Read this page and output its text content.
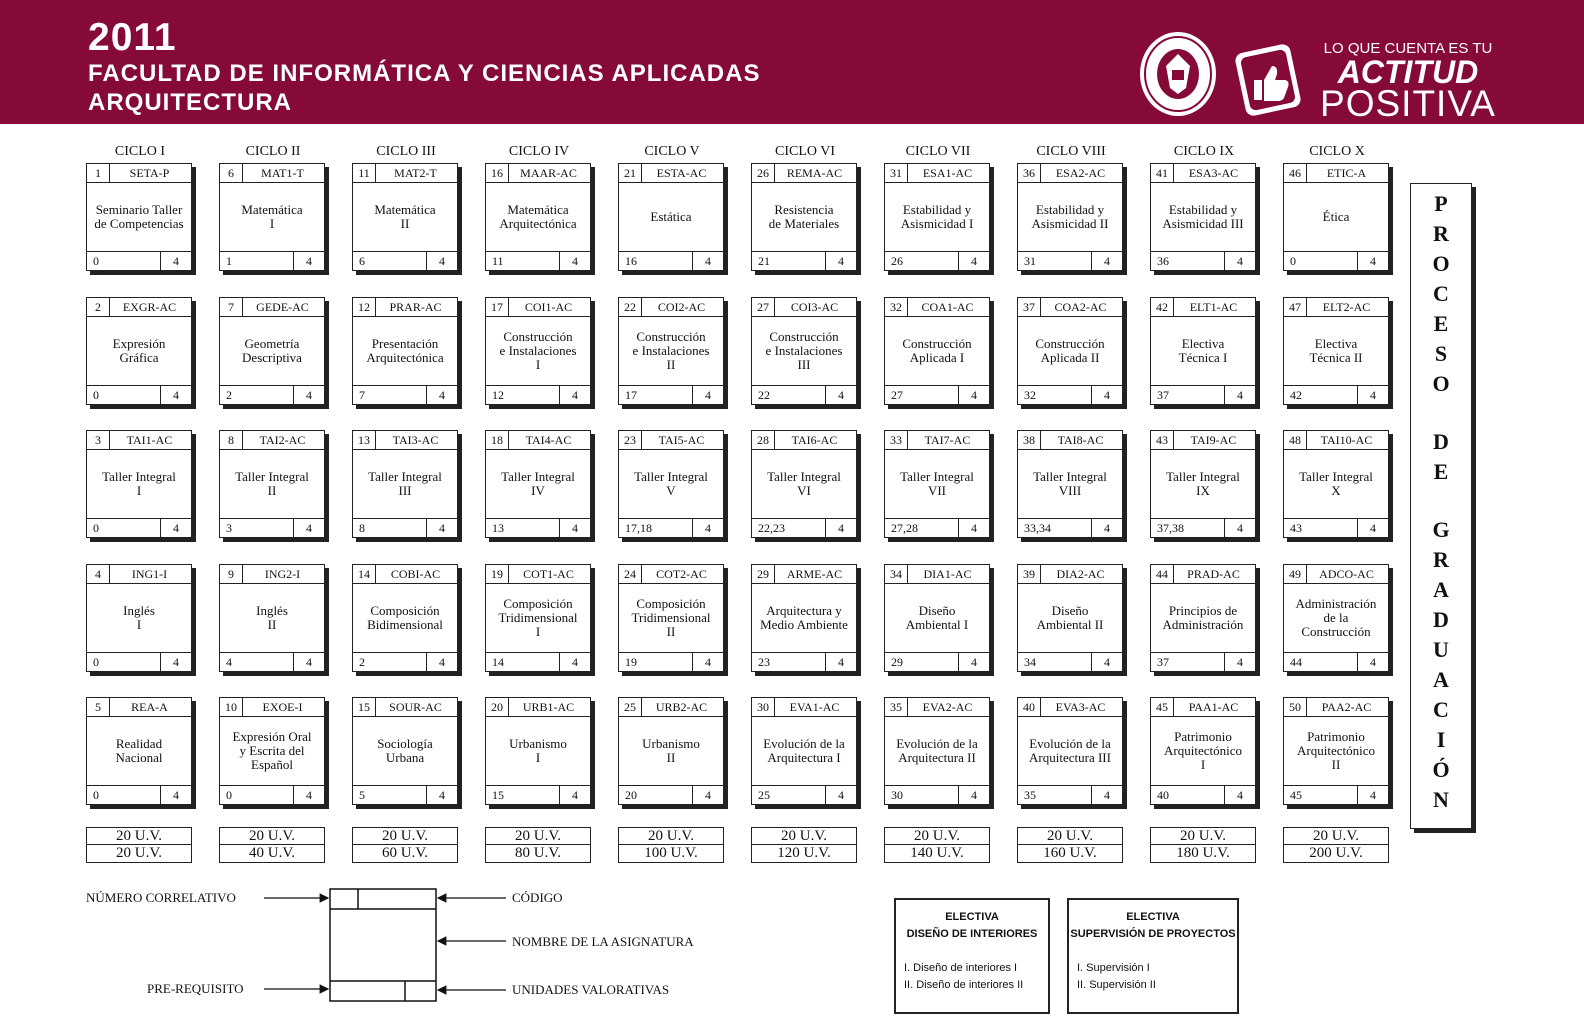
2011
FACULTAD DE INFORMÁTICA Y CIENCIAS APLICADAS
ARQUITECTURA
LO QUE CUENTA ES TU
ACTITUD
POSITIVA
CICLO I
1	SETA-P
Seminario Taller
de Competencias
0	4
2	EXGR-AC
Expresión
Gráfica
0	4
3	TAI1-AC
Taller Integral
I
0	4
4	ING1-I
Inglés
I
0	4
5	REA-A
Realidad
Nacional
0	4
20 U.V.
20 U.V.
CICLO II
6	MAT1-T
Matemática
I
1	4
7	GEDE-AC
Geometría
Descriptiva
2	4
8	TAI2-AC
Taller Integral
II
3	4
9	ING2-I
Inglés
II
4	4
10	EXOE-I
Expresión Oral
y Escrita del
Español
0	4
20 U.V.
40 U.V.
CICLO III
11	MAT2-T
Matemática
II
6	4
12	PRAR-AC
Presentación
Arquitectónica
7	4
13	TAI3-AC
Taller Integral
III
8	4
14	COBI-AC
Composición
Bidimensional
2	4
15	SOUR-AC
Sociología
Urbana
5	4
20 U.V.
60 U.V.
CICLO IV
16	MAAR-AC
Matemática
Arquitectónica
11	4
17	COI1-AC
Construcción
e Instalaciones
I
12	4
18	TAI4-AC
Taller Integral
IV
13	4
19	COT1-AC
Composición
Tridimensional
I
14	4
20	URB1-AC
Urbanismo
I
15	4
20 U.V.
80 U.V.
CICLO V
21	ESTA-AC
Estática
16	4
22	COI2-AC
Construcción
e Instalaciones
II
17	4
23	TAI5-AC
Taller Integral
V
17,18	4
24	COT2-AC
Composición
Tridimensional
II
19	4
25	URB2-AC
Urbanismo
II
20	4
20 U.V.
100 U.V.
CICLO VI
26	REMA-AC
Resistencia
de Materiales
21	4
27	COI3-AC
Construcción
e Instalaciones
III
22	4
28	TAI6-AC
Taller Integral
VI
22,23	4
29	ARME-AC
Arquitectura y
Medio Ambiente
23	4
30	EVA1-AC
Evolución de la
Arquitectura I
25	4
20 U.V.
120 U.V.
CICLO VII
31	ESA1-AC
Estabilidad y
Asismicidad I
26	4
32	COA1-AC
Construcción
Aplicada I
27	4
33	TAI7-AC
Taller Integral
VII
27,28	4
34	DIA1-AC
Diseño
Ambiental I
29	4
35	EVA2-AC
Evolución de la
Arquitectura II
30	4
20 U.V.
140 U.V.
CICLO VIII
36	ESA2-AC
Estabilidad y
Asismicidad II
31	4
37	COA2-AC
Construcción
Aplicada II
32	4
38	TAI8-AC
Taller Integral
VIII
33,34	4
39	DIA2-AC
Diseño
Ambiental II
34	4
40	EVA3-AC
Evolución de la
Arquitectura III
35	4
20 U.V.
160 U.V.
CICLO IX
41	ESA3-AC
Estabilidad y
Asismicidad III
36	4
42	ELT1-AC
Electiva
Técnica I
37	4
43	TAI9-AC
Taller Integral
IX
37,38	4
44	PRAD-AC
Principios de
Administración
37	4
45	PAA1-AC
Patrimonio
Arquitectónico
I
40	4
20 U.V.
180 U.V.
CICLO X
46	ETIC-A
Ética
0	4
47	ELT2-AC
Electiva
Técnica II
42	4
48	TAI10-AC
Taller Integral
X
43	4
49	ADCO-AC
Administración
de la
Construcción
44	4
50	PAA2-AC
Patrimonio
Arquitectónico
II
45	4
20 U.V.
200 U.V.
P
R
O
C
E
S
O
D
E
G
R
A
D
U
A
C
I
Ó
N
NÚMERO CORRELATIVO	CÓDIGO
NOMBRE DE LA ASIGNATURA
PRE-REQUISITO	UNIDADES VALORATIVAS
ELECTIVA
DISEÑO DE INTERIORES
I. Diseño de interiores I
II. Diseño de interiores II
ELECTIVA
SUPERVISIÓN DE PROYECTOS
I. Supervisión I
II. Supervisión II
